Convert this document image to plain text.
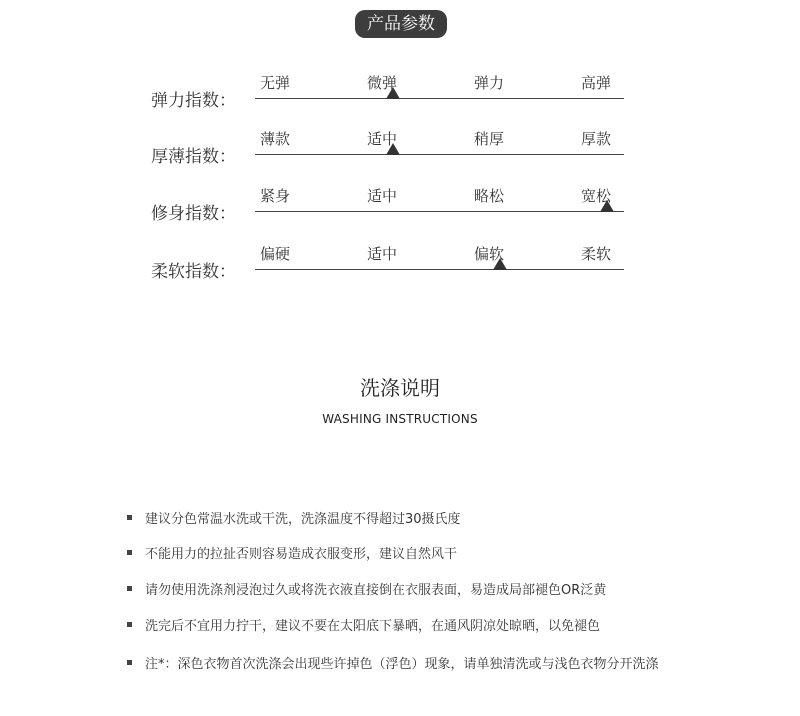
产品参数
弹力指数：
无弹	微弹	弹力	高弹
厚薄指数：
薄款	适中	稍厚	厚款
修身指数：
紧身	适中	略松	宽松
柔软指数：
偏硬	适中	偏软	柔软
洗涤说明
WASHING INSTRUCTIONS
建议分色常温水洗或干洗，洗涤温度不得超过30摄氏度
不能用力的拉扯否则容易造成衣服变形，建议自然风干
请勿使用洗涤剂浸泡过久或将洗衣液直接倒在衣服表面，易造成局部褪色OR泛黄
洗完后不宜用力拧干，建议不要在太阳底下暴晒，在通风阴凉处晾晒，以免褪色
注*：深色衣物首次洗涤会出现些许掉色（浮色）现象，请单独清洗或与浅色衣物分开洗涤
